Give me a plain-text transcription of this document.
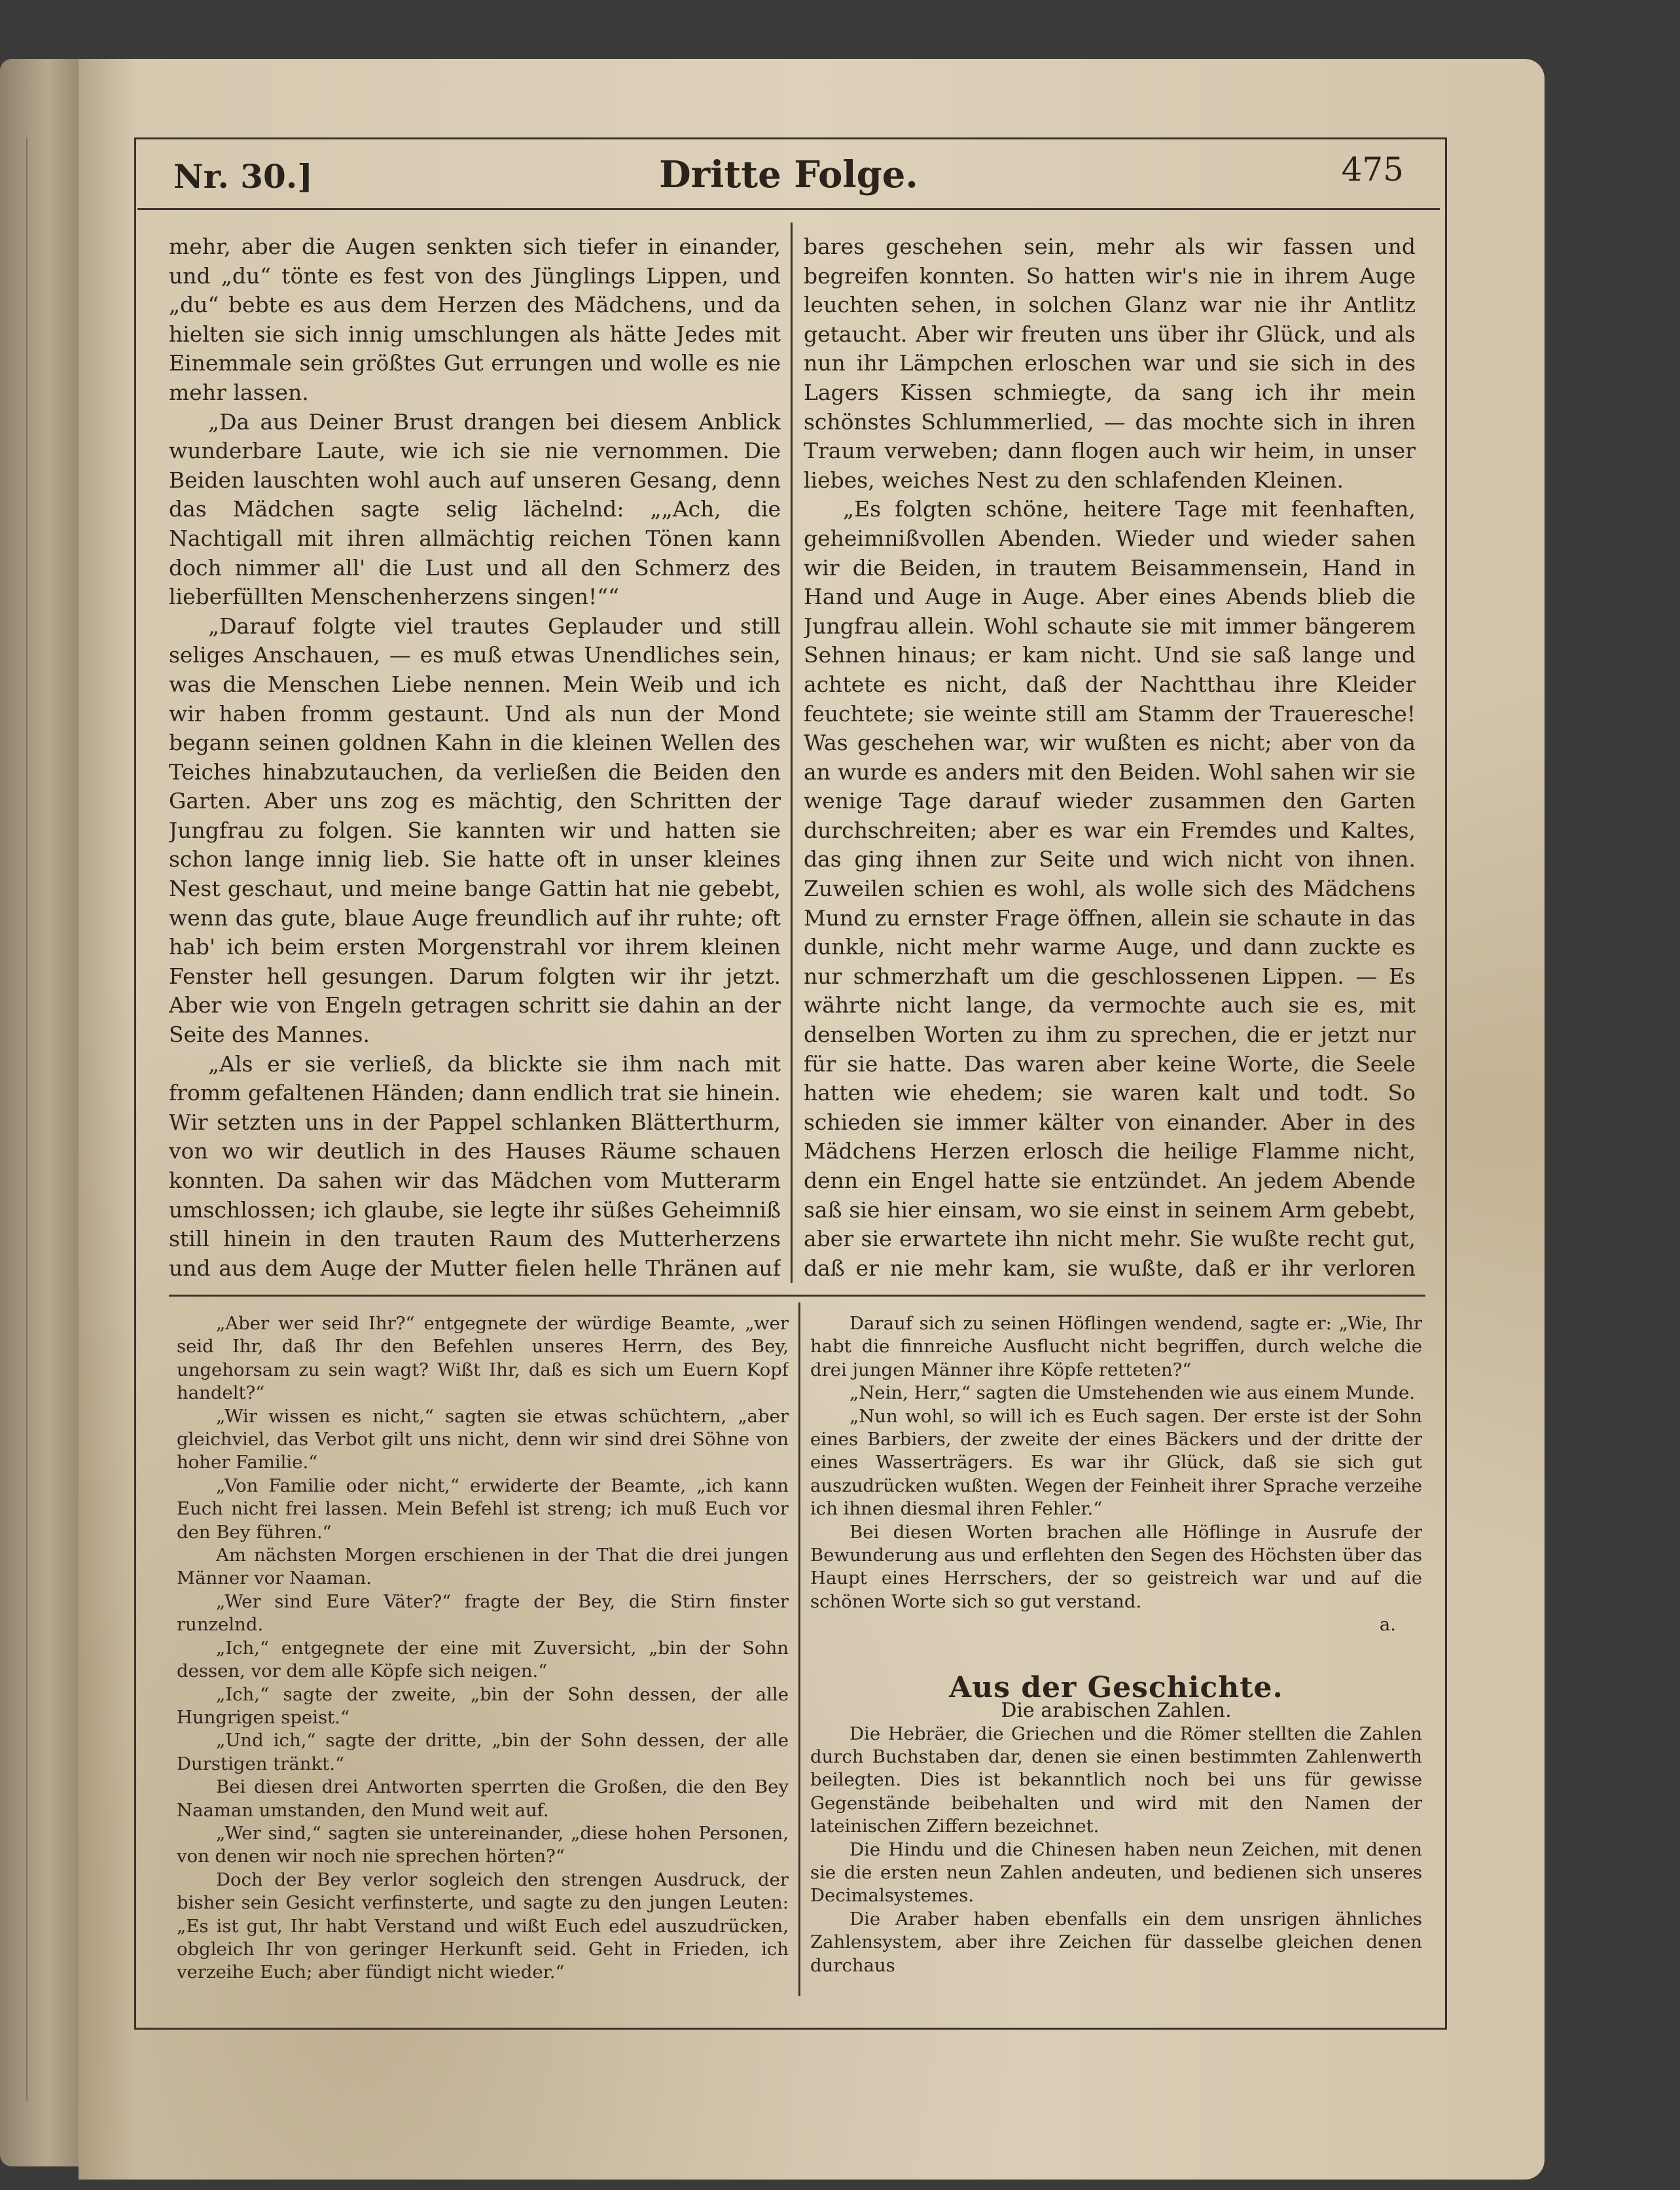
Nr. 30.]	Dritte Folge.	475

mehr, aber die Augen senkten sich tiefer in einander, und „du“ tönte es fest von des Jünglings Lippen, und „du“ bebte es aus dem Herzen des Mädchens, und da hielten sie sich innig umschlungen als hätte Jedes mit Einemmale sein größtes Gut errungen und wolle es nie mehr lassen.

„Da aus Deiner Brust drangen bei diesem Anblick wunderbare Laute, wie ich sie nie vernommen. Die Beiden lauschten wohl auch auf unseren Gesang, denn das Mädchen sagte selig lächelnd: „„Ach, die Nachtigall mit ihren allmächtig reichen Tönen kann doch nimmer all' die Lust und all den Schmerz des lieberfüllten Menschenherzens singen!““

„Darauf folgte viel trautes Geplauder und still seliges Anschauen, — es muß etwas Unendliches sein, was die Menschen Liebe nennen. Mein Weib und ich wir haben fromm gestaunt. Und als nun der Mond begann seinen goldnen Kahn in die kleinen Wellen des Teiches hinabzutauchen, da verließen die Beiden den Garten. Aber uns zog es mächtig, den Schritten der Jungfrau zu folgen. Sie kannten wir und hatten sie schon lange innig lieb. Sie hatte oft in unser kleines Nest geschaut, und meine bange Gattin hat nie gebebt, wenn das gute, blaue Auge freundlich auf ihr ruhte; oft hab' ich beim ersten Morgenstrahl vor ihrem kleinen Fenster hell gesungen. Darum folgten wir ihr jetzt. Aber wie von Engeln getragen schritt sie dahin an der Seite des Mannes.

„Als er sie verließ, da blickte sie ihm nach mit fromm gefaltenen Händen; dann endlich trat sie hinein. Wir setzten uns in der Pappel schlanken Blätterthurm, von wo wir deutlich in des Hauses Räume schauen konnten. Da sahen wir das Mädchen vom Mutterarm umschlossen; ich glaube, sie legte ihr süßes Geheimniß still hinein in den trauten Raum des Mutterherzens und aus dem Auge der Mutter fielen helle Thränen auf

bares geschehen sein, mehr als wir fassen und begreifen konnten. So hatten wir's nie in ihrem Auge leuchten sehen, in solchen Glanz war nie ihr Antlitz getaucht. Aber wir freuten uns über ihr Glück, und als nun ihr Lämpchen erloschen war und sie sich in des Lagers Kissen schmiegte, da sang ich ihr mein schönstes Schlummerlied, — das mochte sich in ihren Traum verweben; dann flogen auch wir heim, in unser liebes, weiches Nest zu den schlafenden Kleinen.

„Es folgten schöne, heitere Tage mit feenhaften, geheimnißvollen Abenden. Wieder und wieder sahen wir die Beiden, in trautem Beisammensein, Hand in Hand und Auge in Auge. Aber eines Abends blieb die Jungfrau allein. Wohl schaute sie mit immer bängerem Sehnen hinaus; er kam nicht. Und sie saß lange und achtete es nicht, daß der Nachtthau ihre Kleider feuchtete; sie weinte still am Stamm der Traueresche! Was geschehen war, wir wußten es nicht; aber von da an wurde es anders mit den Beiden. Wohl sahen wir sie wenige Tage darauf wieder zusammen den Garten durchschreiten; aber es war ein Fremdes und Kaltes, das ging ihnen zur Seite und wich nicht von ihnen. Zuweilen schien es wohl, als wolle sich des Mädchens Mund zu ernster Frage öffnen, allein sie schaute in das dunkle, nicht mehr warme Auge, und dann zuckte es nur schmerzhaft um die geschlossenen Lippen. — Es währte nicht lange, da vermochte auch sie es, mit denselben Worten zu ihm zu sprechen, die er jetzt nur für sie hatte. Das waren aber keine Worte, die Seele hatten wie ehedem; sie waren kalt und todt. So schieden sie immer kälter von einander. Aber in des Mädchens Herzen erlosch die heilige Flamme nicht, denn ein Engel hatte sie entzündet. An jedem Abende saß sie hier einsam, wo sie einst in seinem Arm gebebt, aber sie erwartete ihn nicht mehr. Sie wußte recht gut, daß er nie mehr kam, sie wußte, daß er ihr verloren

„Aber wer seid Ihr?“ entgegnete der würdige Beamte, „wer seid Ihr, daß Ihr den Befehlen unseres Herrn, des Bey, ungehorsam zu sein wagt? Wißt Ihr, daß es sich um Euern Kopf handelt?“

„Wir wissen es nicht,“ sagten sie etwas schüchtern, „aber gleichviel, das Verbot gilt uns nicht, denn wir sind drei Söhne von hoher Familie.“

„Von Familie oder nicht,“ erwiderte der Beamte, „ich kann Euch nicht frei lassen. Mein Befehl ist streng; ich muß Euch vor den Bey führen.“

Am nächsten Morgen erschienen in der That die drei jungen Männer vor Naaman.

„Wer sind Eure Väter?“ fragte der Bey, die Stirn finster runzelnd.

„Ich,“ entgegnete der eine mit Zuversicht, „bin der Sohn dessen, vor dem alle Köpfe sich neigen.“

„Ich,“ sagte der zweite, „bin der Sohn dessen, der alle Hungrigen speist.“

„Und ich,“ sagte der dritte, „bin der Sohn dessen, der alle Durstigen tränkt.“

Bei diesen drei Antworten sperrten die Großen, die den Bey Naaman umstanden, den Mund weit auf.

„Wer sind,“ sagten sie untereinander, „diese hohen Personen, von denen wir noch nie sprechen hörten?“

Doch der Bey verlor sogleich den strengen Ausdruck, der bisher sein Gesicht verfinsterte, und sagte zu den jungen Leuten: „Es ist gut, Ihr habt Verstand und wißt Euch edel auszudrücken, obgleich Ihr von geringer Herkunft seid. Geht in Frieden, ich verzeihe Euch; aber fündigt nicht wieder.“

Darauf sich zu seinen Höflingen wendend, sagte er: „Wie, Ihr habt die finnreiche Ausflucht nicht begriffen, durch welche die drei jungen Männer ihre Köpfe retteten?“

„Nein, Herr,“ sagten die Umstehenden wie aus einem Munde.

„Nun wohl, so will ich es Euch sagen. Der erste ist der Sohn eines Barbiers, der zweite der eines Bäckers und der dritte der eines Wasserträgers. Es war ihr Glück, daß sie sich gut auszudrücken wußten. Wegen der Feinheit ihrer Sprache verzeihe ich ihnen diesmal ihren Fehler.“

Bei diesen Worten brachen alle Höflinge in Ausrufe der Bewunderung aus und erflehten den Segen des Höchsten über das Haupt eines Herrschers, der so geistreich war und auf die schönen Worte sich so gut verstand.

a.

Aus der Geschichte.

Die arabischen Zahlen.

Die Hebräer, die Griechen und die Römer stellten die Zahlen durch Buchstaben dar, denen sie einen bestimmten Zahlenwerth beilegten. Dies ist bekanntlich noch bei uns für gewisse Gegenstände beibehalten und wird mit den Namen der lateinischen Ziffern bezeichnet.

Die Hindu und die Chinesen haben neun Zeichen, mit denen sie die ersten neun Zahlen andeuten, und bedienen sich unseres Decimalsystemes.

Die Araber haben ebenfalls ein dem unsrigen ähnliches Zahlensystem, aber ihre Zeichen für dasselbe gleichen denen durchaus
